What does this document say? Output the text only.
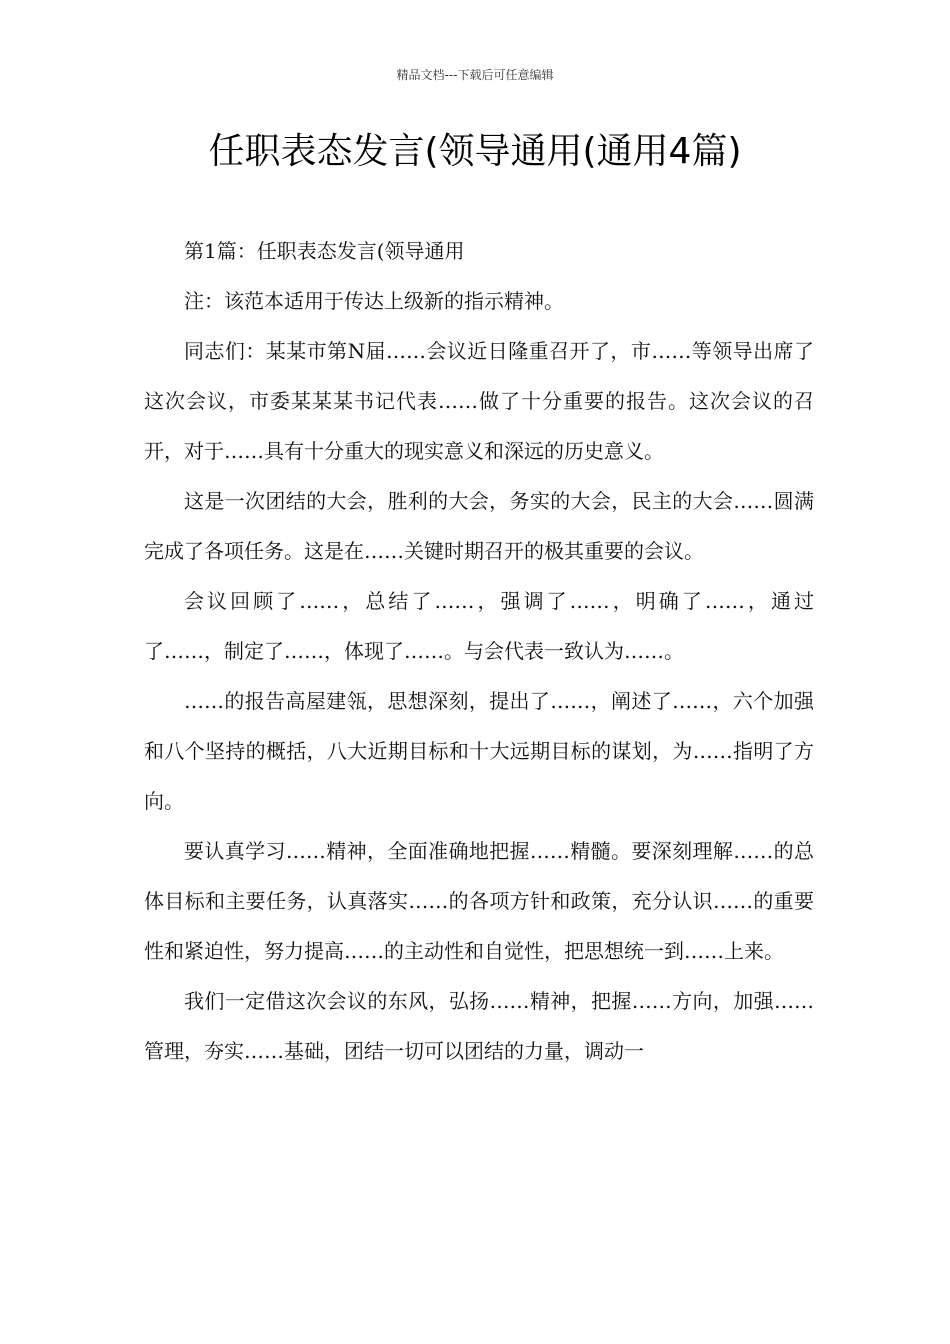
精品文档---下载后可任意编辑
任职表态发言(领导通用(通用4篇)

第1篇：任职表态发言(领导通用

注：该范本适用于传达上级新的指示精神。

同志们：某某市第N届……会议近日隆重召开了，市……等领导出席了这次会议，市委某某某书记代表……做了十分重要的报告。这次会议的召开，对于……具有十分重大的现实意义和深远的历史意义。

这是一次团结的大会，胜利的大会，务实的大会，民主的大会……圆满完成了各项任务。这是在……关键时期召开的极其重要的会议。

会议回顾了……，总结了……，强调了……，明确了……，通过了……，制定了……，体现了……。与会代表一致认为……。

……的报告高屋建瓴，思想深刻，提出了……，阐述了……，六个加强和八个坚持的概括，八大近期目标和十大远期目标的谋划，为……指明了方向。

要认真学习……精神，全面准确地把握……精髓。要深刻理解……的总体目标和主要任务，认真落实……的各项方针和政策，充分认识……的重要性和紧迫性，努力提高……的主动性和自觉性，把思想统一到……上来。

我们一定借这次会议的东风，弘扬……精神，把握……方向，加强……管理，夯实……基础，团结一切可以团结的力量，调动一
